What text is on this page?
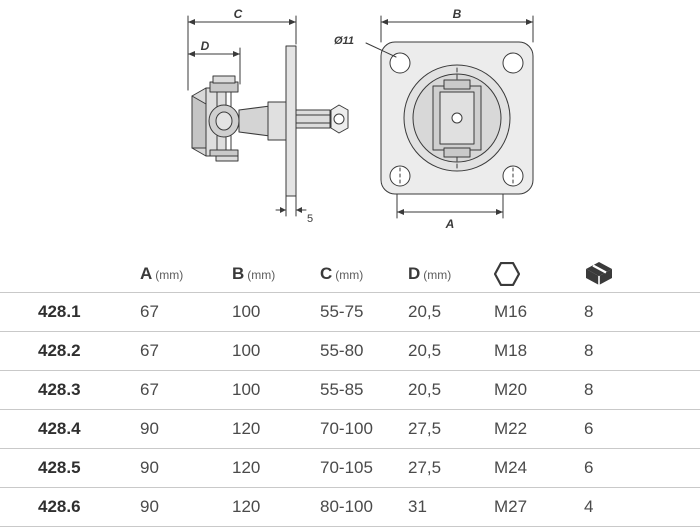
C
D
B
A
Ø11
5
	A (mm)	B (mm)	C (mm)	D (mm)		
428.1	67	100	55-75	20,5	M16	8
428.2	67	100	55-80	20,5	M18	8
428.3	67	100	55-85	20,5	M20	8
428.4	90	120	70-100	27,5	M22	6
428.5	90	120	70-105	27,5	M24	6
428.6	90	120	80-100	31	M27	4
